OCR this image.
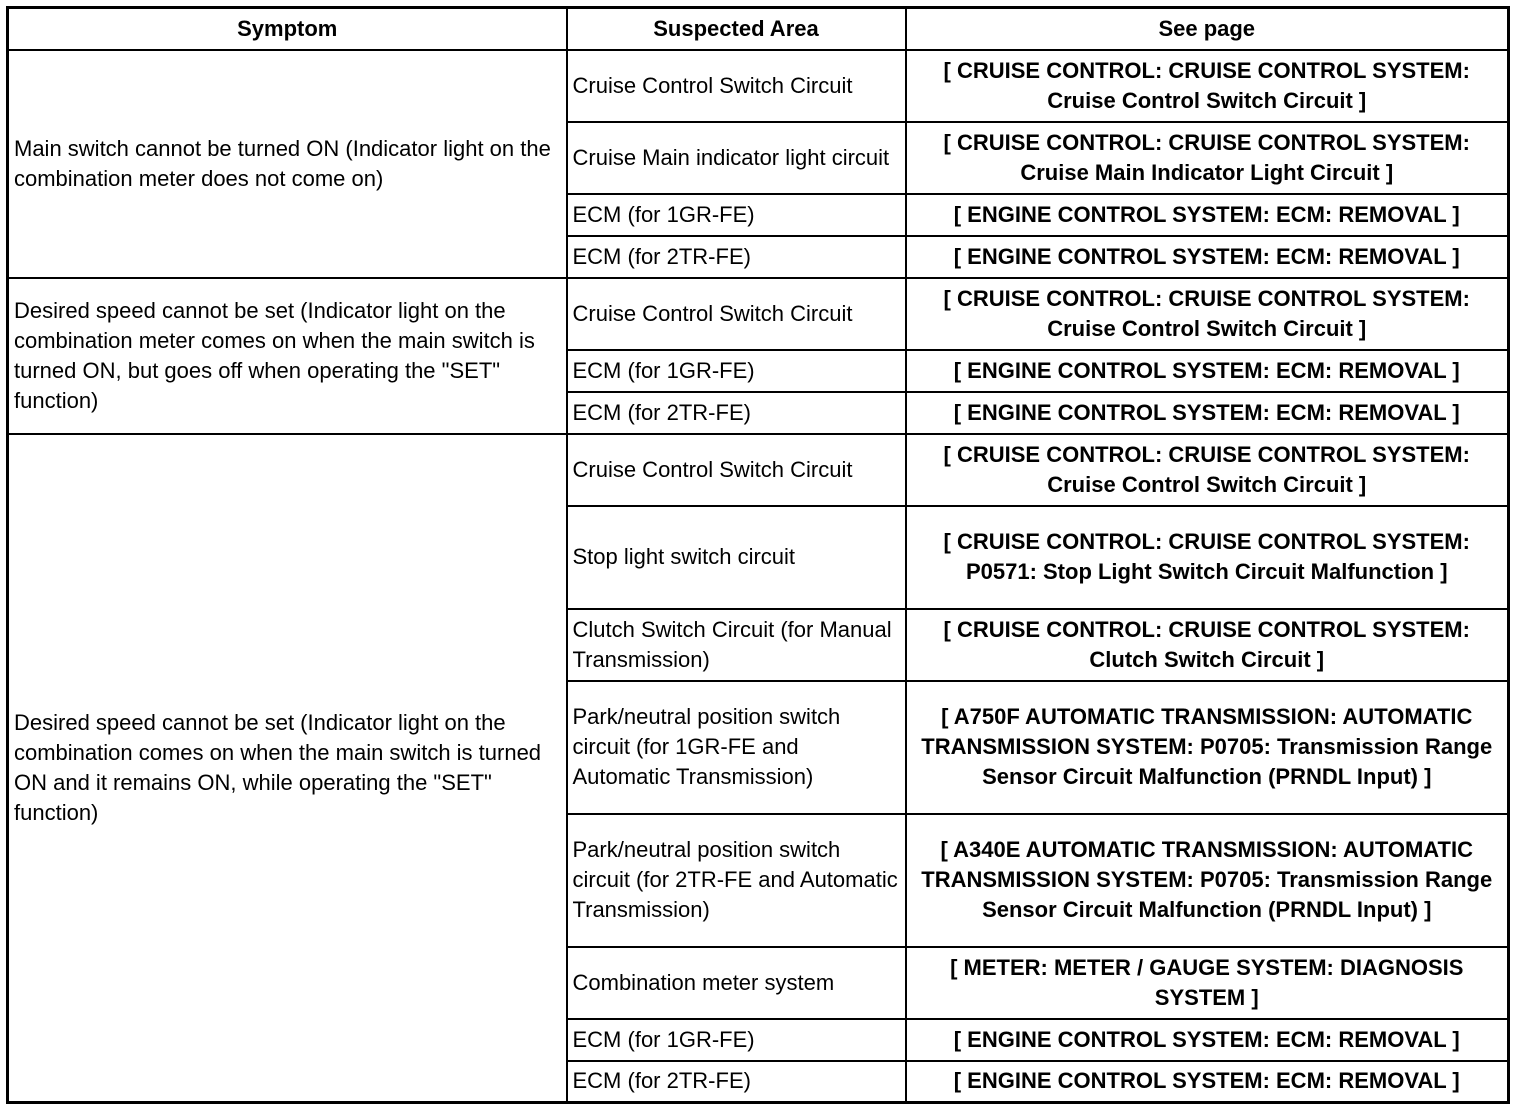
Symptom	Suspected Area	See page
Main switch cannot be turned ON (Indicator light on the combination meter does not come on)	Cruise Control Switch Circuit	[ CRUISE CONTROL: CRUISE CONTROL SYSTEM: Cruise Control Switch Circuit ]
	Cruise Main indicator light circuit	[ CRUISE CONTROL: CRUISE CONTROL SYSTEM: Cruise Main Indicator Light Circuit ]
	ECM (for 1GR-FE)	[ ENGINE CONTROL SYSTEM: ECM: REMOVAL ]
	ECM (for 2TR-FE)	[ ENGINE CONTROL SYSTEM: ECM: REMOVAL ]
Desired speed cannot be set (Indicator light on the combination meter comes on when the main switch is turned ON, but goes off when operating the "SET" function)	Cruise Control Switch Circuit	[ CRUISE CONTROL: CRUISE CONTROL SYSTEM: Cruise Control Switch Circuit ]
	ECM (for 1GR-FE)	[ ENGINE CONTROL SYSTEM: ECM: REMOVAL ]
	ECM (for 2TR-FE)	[ ENGINE CONTROL SYSTEM: ECM: REMOVAL ]
Desired speed cannot be set (Indicator light on the combination comes on when the main switch is turned ON and it remains ON, while operating the "SET" function)	Cruise Control Switch Circuit	[ CRUISE CONTROL: CRUISE CONTROL SYSTEM: Cruise Control Switch Circuit ]
	Stop light switch circuit	[ CRUISE CONTROL: CRUISE CONTROL SYSTEM: P0571: Stop Light Switch Circuit Malfunction ]
	Clutch Switch Circuit (for Manual Transmission)	[ CRUISE CONTROL: CRUISE CONTROL SYSTEM: Clutch Switch Circuit ]
	Park/neutral position switch circuit (for 1GR-FE and Automatic Transmission)	[ A750F AUTOMATIC TRANSMISSION: AUTOMATIC TRANSMISSION SYSTEM: P0705: Transmission Range Sensor Circuit Malfunction (PRNDL Input) ]
	Park/neutral position switch circuit (for 2TR-FE and Automatic Transmission)	[ A340E AUTOMATIC TRANSMISSION: AUTOMATIC TRANSMISSION SYSTEM: P0705: Transmission Range Sensor Circuit Malfunction (PRNDL Input) ]
	Combination meter system	[ METER: METER / GAUGE SYSTEM: DIAGNOSIS SYSTEM ]
	ECM (for 1GR-FE)	[ ENGINE CONTROL SYSTEM: ECM: REMOVAL ]
	ECM (for 2TR-FE)	[ ENGINE CONTROL SYSTEM: ECM: REMOVAL ]
